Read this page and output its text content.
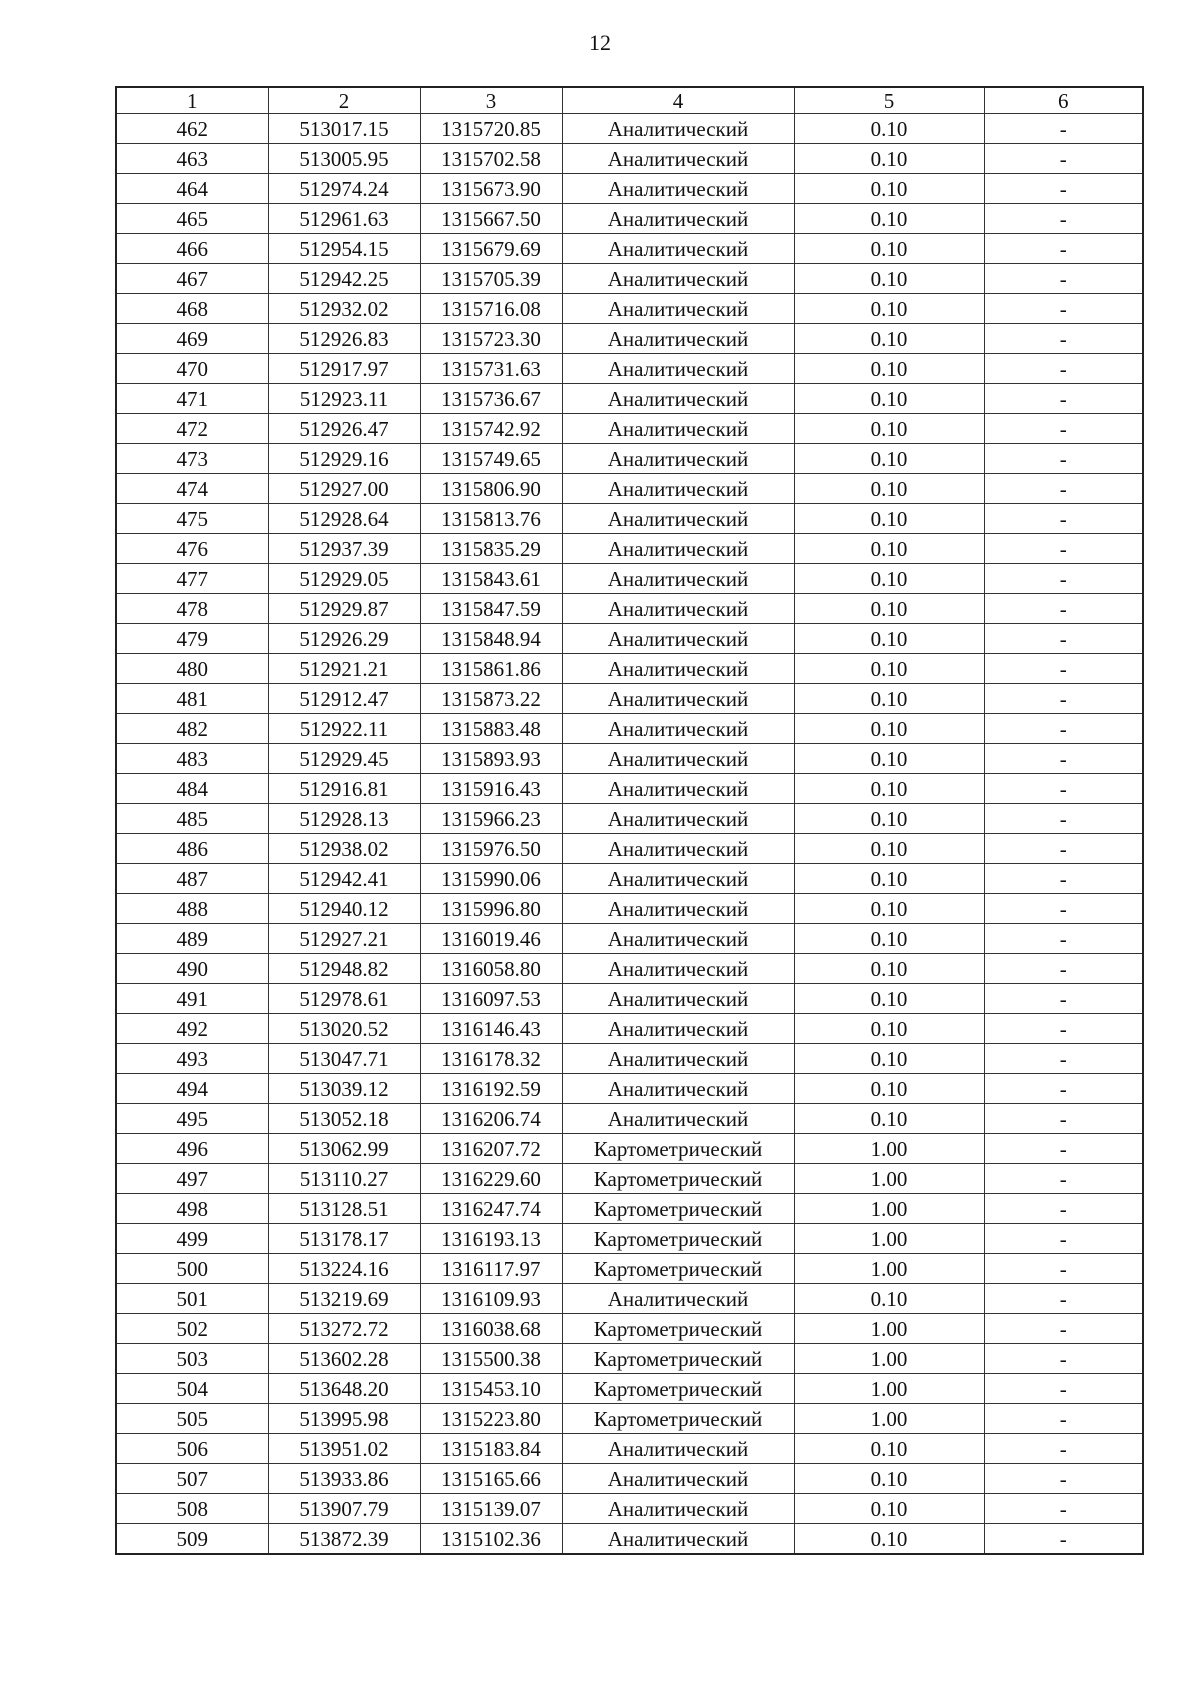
12
1	2	3	4	5	6
462	513017.15	1315720.85	Аналитический	0.10	-
463	513005.95	1315702.58	Аналитический	0.10	-
464	512974.24	1315673.90	Аналитический	0.10	-
465	512961.63	1315667.50	Аналитический	0.10	-
466	512954.15	1315679.69	Аналитический	0.10	-
467	512942.25	1315705.39	Аналитический	0.10	-
468	512932.02	1315716.08	Аналитический	0.10	-
469	512926.83	1315723.30	Аналитический	0.10	-
470	512917.97	1315731.63	Аналитический	0.10	-
471	512923.11	1315736.67	Аналитический	0.10	-
472	512926.47	1315742.92	Аналитический	0.10	-
473	512929.16	1315749.65	Аналитический	0.10	-
474	512927.00	1315806.90	Аналитический	0.10	-
475	512928.64	1315813.76	Аналитический	0.10	-
476	512937.39	1315835.29	Аналитический	0.10	-
477	512929.05	1315843.61	Аналитический	0.10	-
478	512929.87	1315847.59	Аналитический	0.10	-
479	512926.29	1315848.94	Аналитический	0.10	-
480	512921.21	1315861.86	Аналитический	0.10	-
481	512912.47	1315873.22	Аналитический	0.10	-
482	512922.11	1315883.48	Аналитический	0.10	-
483	512929.45	1315893.93	Аналитический	0.10	-
484	512916.81	1315916.43	Аналитический	0.10	-
485	512928.13	1315966.23	Аналитический	0.10	-
486	512938.02	1315976.50	Аналитический	0.10	-
487	512942.41	1315990.06	Аналитический	0.10	-
488	512940.12	1315996.80	Аналитический	0.10	-
489	512927.21	1316019.46	Аналитический	0.10	-
490	512948.82	1316058.80	Аналитический	0.10	-
491	512978.61	1316097.53	Аналитический	0.10	-
492	513020.52	1316146.43	Аналитический	0.10	-
493	513047.71	1316178.32	Аналитический	0.10	-
494	513039.12	1316192.59	Аналитический	0.10	-
495	513052.18	1316206.74	Аналитический	0.10	-
496	513062.99	1316207.72	Картометрический	1.00	-
497	513110.27	1316229.60	Картометрический	1.00	-
498	513128.51	1316247.74	Картометрический	1.00	-
499	513178.17	1316193.13	Картометрический	1.00	-
500	513224.16	1316117.97	Картометрический	1.00	-
501	513219.69	1316109.93	Аналитический	0.10	-
502	513272.72	1316038.68	Картометрический	1.00	-
503	513602.28	1315500.38	Картометрический	1.00	-
504	513648.20	1315453.10	Картометрический	1.00	-
505	513995.98	1315223.80	Картометрический	1.00	-
506	513951.02	1315183.84	Аналитический	0.10	-
507	513933.86	1315165.66	Аналитический	0.10	-
508	513907.79	1315139.07	Аналитический	0.10	-
509	513872.39	1315102.36	Аналитический	0.10	-
